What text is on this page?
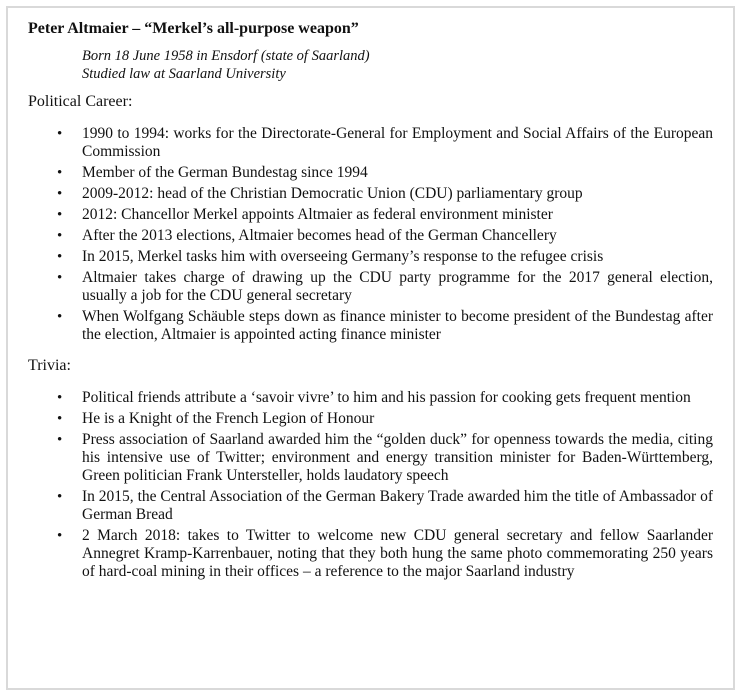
Peter Altmaier – “Merkel’s all-purpose weapon”
Born 18 June 1958 in Ensdorf (state of Saarland)
Studied law at Saarland University
Political Career:
• 1990 to 1994: works for the Directorate-General for Employment and Social Affairs of the European Commission
• Member of the German Bundestag since 1994
• 2009-2012: head of the Christian Democratic Union (CDU) parliamentary group
• 2012: Chancellor Merkel appoints Altmaier as federal environment minister
• After the 2013 elections, Altmaier becomes head of the German Chancellery
• In 2015, Merkel tasks him with overseeing Germany’s response to the refugee crisis
• Altmaier takes charge of drawing up the CDU party programme for the 2017 general election, usually a job for the CDU general secretary
• When Wolfgang Schäuble steps down as finance minister to become president of the Bundestag after the election, Altmaier is appointed acting finance minister
Trivia:
• Political friends attribute a ‘savoir vivre’ to him and his passion for cooking gets frequent mention
• He is a Knight of the French Legion of Honour
• Press association of Saarland awarded him the “golden duck” for openness towards the media, citing his intensive use of Twitter; environment and energy transition minister for Baden-Württemberg, Green politician Frank Untersteller, holds laudatory speech
• In 2015, the Central Association of the German Bakery Trade awarded him the title of Ambassador of German Bread
• 2 March 2018: takes to Twitter to welcome new CDU general secretary and fellow Saarlander Annegret Kramp-Karrenbauer, noting that they both hung the same photo commemorating 250 years of hard-coal mining in their offices – a reference to the major Saarland industry
